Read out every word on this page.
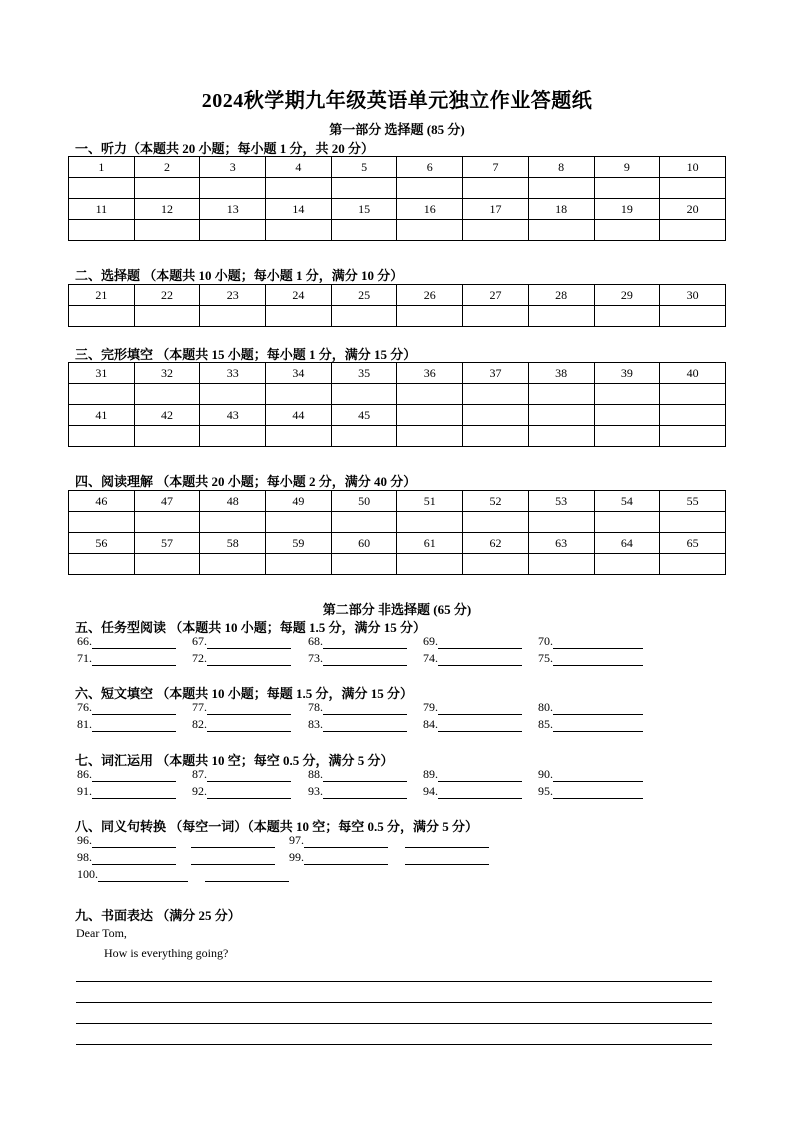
2024秋学期九年级英语单元独立作业答题纸
第一部分 选择题 (85 分)
一、听力（本题共 20 小题；每小题 1 分，共 20 分）
1	2	3	4	5	6	7	8	9	10

11	12	13	14	15	16	17	18	19	20

二、选择题 （本题共 10 小题；每小题 1 分，满分 10 分）
21	22	23	24	25	26	27	28	29	30

三、完形填空 （本题共 15 小题；每小题 1 分，满分 15 分）
31	32	33	34	35	36	37	38	39	40

41	42	43	44	45					

四、阅读理解 （本题共 20 小题；每小题 2 分，满分 40 分）
46	47	48	49	50	51	52	53	54	55

56	57	58	59	60	61	62	63	64	65

第二部分 非选择题 (65 分)
五、任务型阅读 （本题共 10 小题；每题 1.5 分，满分 15 分）
66.	67.	68.	69.	70.
71.	72.	73.	74.	75.
六、短文填空 （本题共 10 小题；每题 1.5 分，满分 15 分）
76.	77.	78.	79.	80.
81.	82.	83.	84.	85.
七、词汇运用 （本题共 10 空；每空 0.5 分，满分 5 分）
86.	87.	88.	89.	90.
91.	92.	93.	94.	95.
八、同义句转换 （每空一词）（本题共 10 空；每空 0.5 分，满分 5 分）
96.	97.
98.	99.
100.
九、书面表达 （满分 25 分）
Dear Tom,
How is everything going?
